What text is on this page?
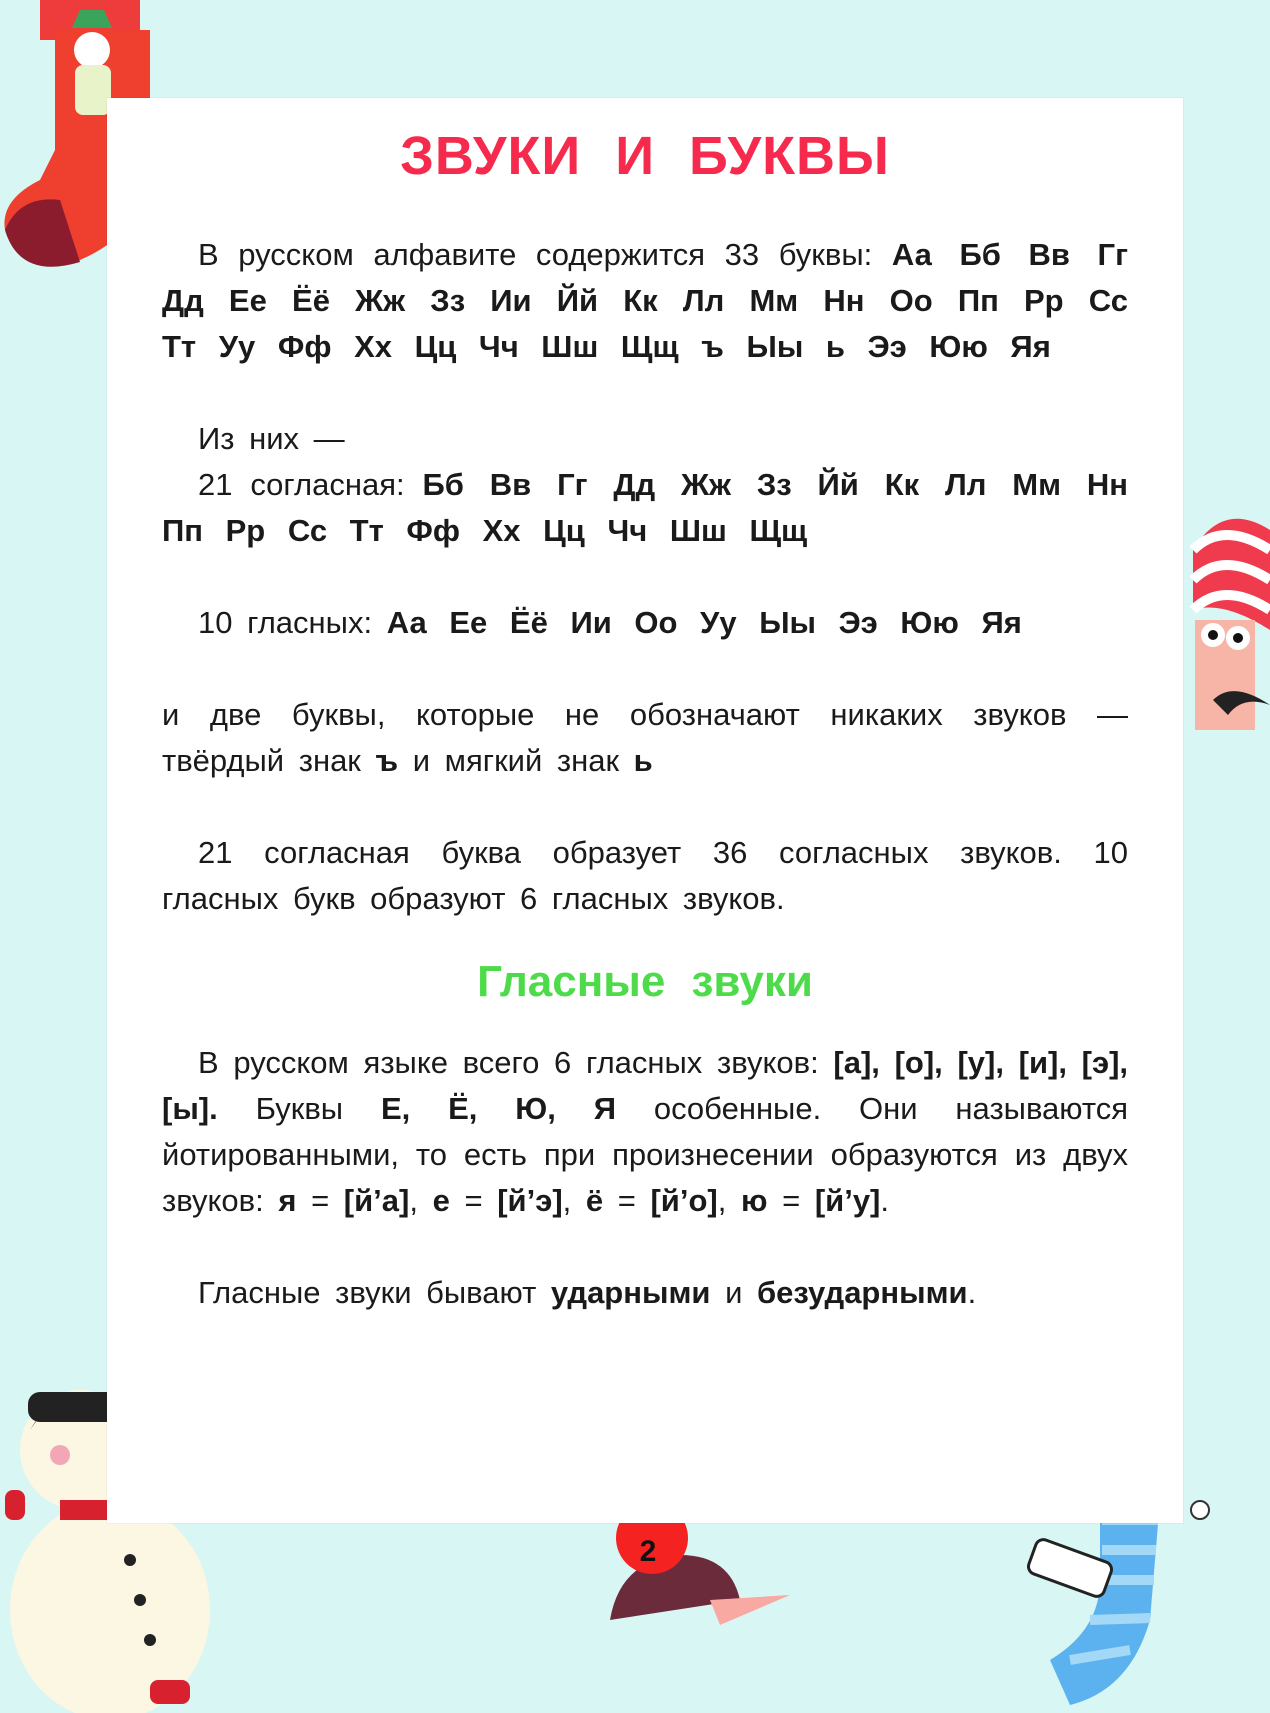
ЗВУКИ И БУКВЫ

В русском алфавите содержится 33 буквы: Аа Бб Вв Гг Дд Ее Ёё Жж Зз Ии Йй Кк Лл Мм Нн Оо Пп Рр Сс Тт Уу Фф Хх Цц Чч Шш Щщ ъ Ыы ь Ээ Юю Яя

Из них —

21 согласная: Бб Вв Гг Дд Жж Зз Йй Кк Лл Мм Нн Пп Рр Сс Тт Фф Хх Цц Чч Шш Щщ

10 гласных: Аа Ее Ёё Ии Оо Уу Ыы Ээ Юю Яя

и две буквы, которые не обозначают никаких звуков — твёрдый знак ъ и мягкий знак ь

21 согласная буква образует 36 согласных звуков. 10 гласных букв образуют 6 гласных звуков.

Гласные звуки

В русском языке всего 6 гласных звуков: [а], [о], [у], [и], [э], [ы]. Буквы Е, Ё, Ю, Я особенные. Они называются йотированными, то есть при произнесении образуются из двух звуков: я = [й’а], е = [й’э], ё = [й’о], ю = [й’у].

Гласные звуки бывают ударными и безударными.

2
